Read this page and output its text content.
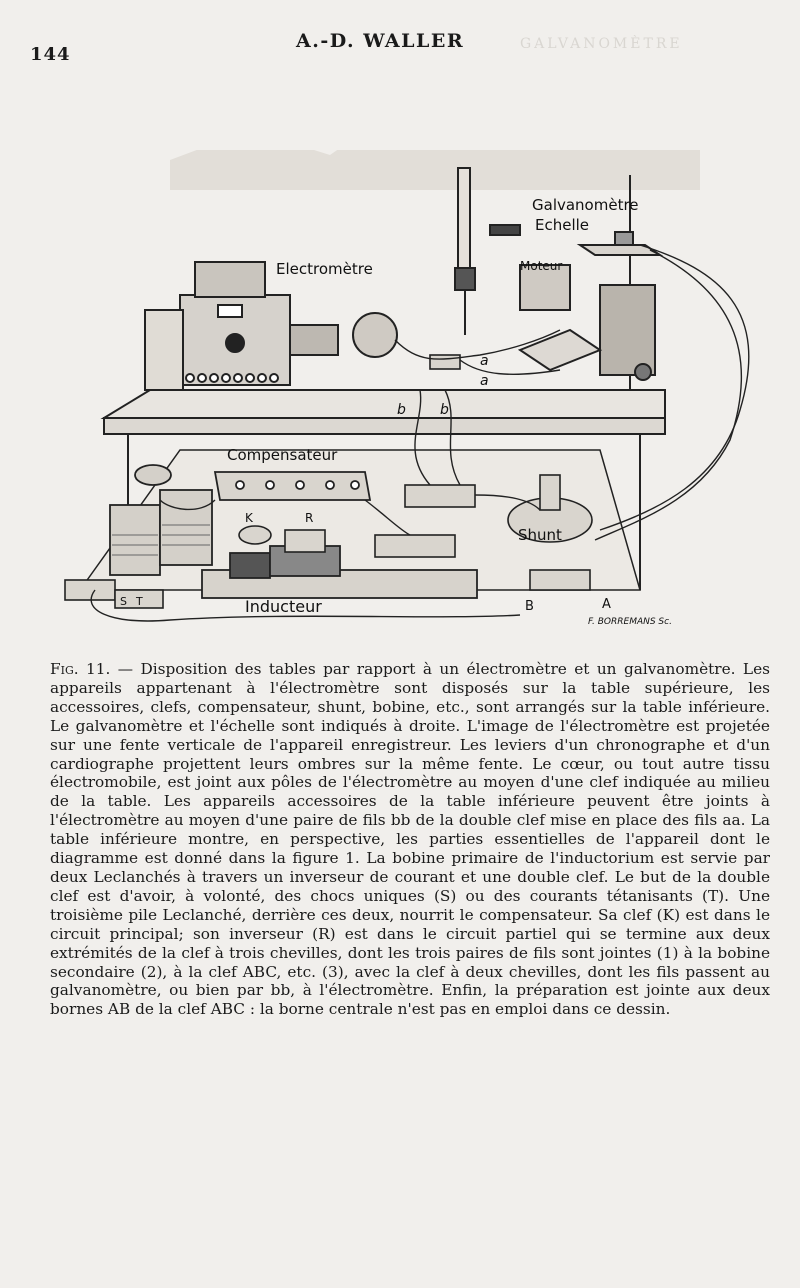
144
A.-D. WALLER	GALVANOMÈTRE
Galvanomètre
Echelle
Electromètre	Moteur
Compensateur
Shunt
Inducteur
a
a
b b
K	R
S T	B	A
F. BORREMANS Sc.
Fig. 11. — Disposition des tables par rapport à un électromètre et un galvanomètre. Les appareils appartenant à l'électromètre sont disposés sur la table supérieure, les accessoires, clefs, compensateur, shunt, bobine, etc., sont arrangés sur la table inférieure. Le galvanomètre et l'échelle sont indiqués à droite. L'image de l'électromètre est projetée sur une fente verticale de l'appareil enregistreur. Les leviers d'un chronographe et d'un cardiographe projettent leurs ombres sur la même fente. Le cœur, ou tout autre tissu électromobile, est joint aux pôles de l'électromètre au moyen d'une clef indiquée au milieu de la table. Les appareils accessoires de la table inférieure peuvent être joints à l'électromètre au moyen d'une paire de fils bb de la double clef mise en place des fils aa. La table inférieure montre, en perspective, les parties essentielles de l'appareil dont le diagramme est donné dans la figure 1. La bobine primaire de l'inductorium est servie par deux Leclanchés à travers un inverseur de courant et une double clef. Le but de la double clef est d'avoir, à volonté, des chocs uniques (S) ou des courants tétanisants (T). Une troisième pile Leclanché, derrière ces deux, nourrit le compensateur. Sa clef (K) est dans le circuit principal; son inverseur (R) est dans le circuit partiel qui se termine aux deux extrémités de la clef à trois chevilles, dont les trois paires de fils sont jointes (1) à la bobine secondaire (2), à la clef ABC, etc. (3), avec la clef à deux chevilles, dont les fils passent au galvanomètre, ou bien par bb, à l'électromètre. Enfin, la préparation est jointe aux deux bornes AB de la clef ABC : la borne centrale n'est pas en emploi dans ce dessin.
